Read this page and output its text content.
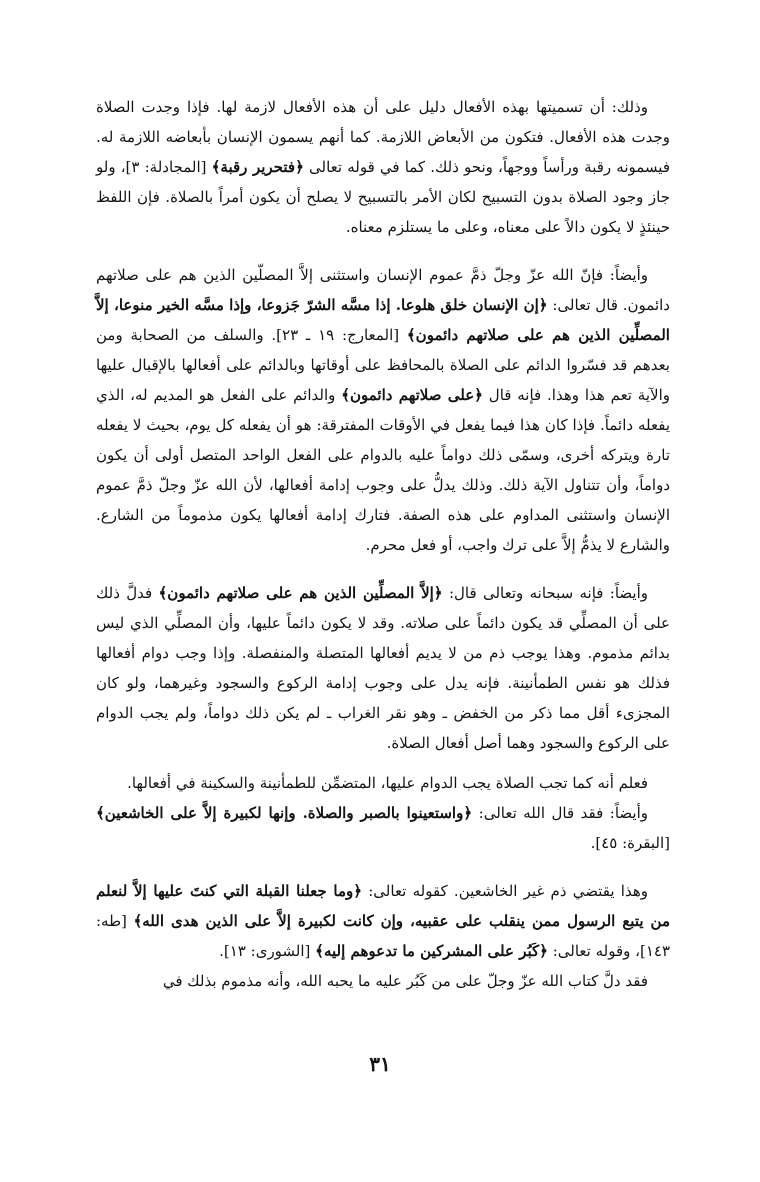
وذلك: أن تسميتها بهذه الأفعال دليل على أن هذه الأفعال لازمة لها. فإذا وجدت الصلاة وجدت هذه الأفعال. فتكون من الأبعاض اللازمة. كما أنهم يسمون الإنسان بأبعاضه اللازمة له. فيسمونه رقبة ورأساً ووجهاً، ونحو ذلك. كما في قوله تعالى ﴿فتحرير رقبة﴾ [المجادلة: ٣]، ولو جاز وجود الصلاة بدون التسبيح لكان الأمر بالتسبيح لا يصلح أن يكون أمراً بالصلاة. فإن اللفظ حينئذٍ لا يكون دالاً على معناه، وعلى ما يستلزم معناه.

وأيضاً: فإنّ الله عزّ وجلّ ذمَّ عموم الإنسان واستثنى إلاَّ المصلّين الذين هم على صلاتهم دائمون. قال تعالى: ﴿إن الإنسان خلق هلوعا. إذا مسَّه الشرّ جَزوعا، وإذا مسَّه الخير منوعا، إلاَّ المصلِّين الذين هم على صلاتهم دائمون﴾ [المعارج: ١٩ ـ ٢٣]. والسلف من الصحابة ومن بعدهم قد فسّروا الدائم على الصلاة بالمحافظ على أوقاتها وبالدائم على أفعالها بالإقبال عليها والآية تعم هذا وهذا. فإنه قال ﴿على صلاتهم دائمون﴾ والدائم على الفعل هو المديم له، الذي يفعله دائماً. فإذا كان هذا فيما يفعل في الأوقات المفترقة: هو أن يفعله كل يوم، بحيث لا يفعله تارة ويتركه أخرى، وسمّى ذلك دواماً عليه بالدوام على الفعل الواحد المتصل أولى أن يكون دواماً، وأن تتناول الآية ذلك. وذلك يدلُّ على وجوب إدامة أفعالها، لأن الله عزّ وجلّ ذمَّ عموم الإنسان واستثنى المداوم على هذه الصفة. فتارك إدامة أفعالها يكون مذموماً من الشارع. والشارع لا يذمُّ إلاَّ على ترك واجب، أو فعل محرم.

وأيضاً: فإنه سبحانه وتعالى قال: ﴿إلاَّ المصلِّين الذين هم على صلاتهم دائمون﴾ فدلَّ ذلك على أن المصلِّي قد يكون دائماً على صلاته. وقد لا يكون دائماً عليها، وأن المصلِّي الذي ليس بدائم مذموم. وهذا يوجب ذم من لا يديم أفعالها المتصلة والمنفصلة. وإذا وجب دوام أفعالها فذلك هو نفس الطمأنينة. فإنه يدل على وجوب إدامة الركوع والسجود وغيرهما، ولو كان المجزىء أقل مما ذكر من الخفض ـ وهو نقر الغراب ـ لم يكن ذلك دواماً، ولم يجب الدوام على الركوع والسجود وهما أصل أفعال الصلاة.

فعلم أنه كما تجب الصلاة يجب الدوام عليها، المتضمِّن للطمأنينة والسكينة في أفعالها.

وأيضاً: فقد قال الله تعالى: ﴿واستعينوا بالصبر والصلاة. وإنها لكبيرة إلاَّ على الخاشعين﴾ [البقرة: ٤٥].

وهذا يقتضي ذم غير الخاشعين. كقوله تعالى: ﴿وما جعلنا القبلة التي كنتَ عليها إلاَّ لنعلم من يتبع الرسول ممن ينقلب على عقبيه، وإن كانت لكبيرة إلاَّ على الذين هدى الله﴾ [طه: ١٤٣]، وقوله تعالى: ﴿كَبُر على المشركين ما تدعوهم إليه﴾ [الشورى: ١٣].

فقد دلَّ كتاب الله عزّ وجلّ على من كَبُر عليه ما يحبه الله، وأنه مذموم بذلك في

٣١
